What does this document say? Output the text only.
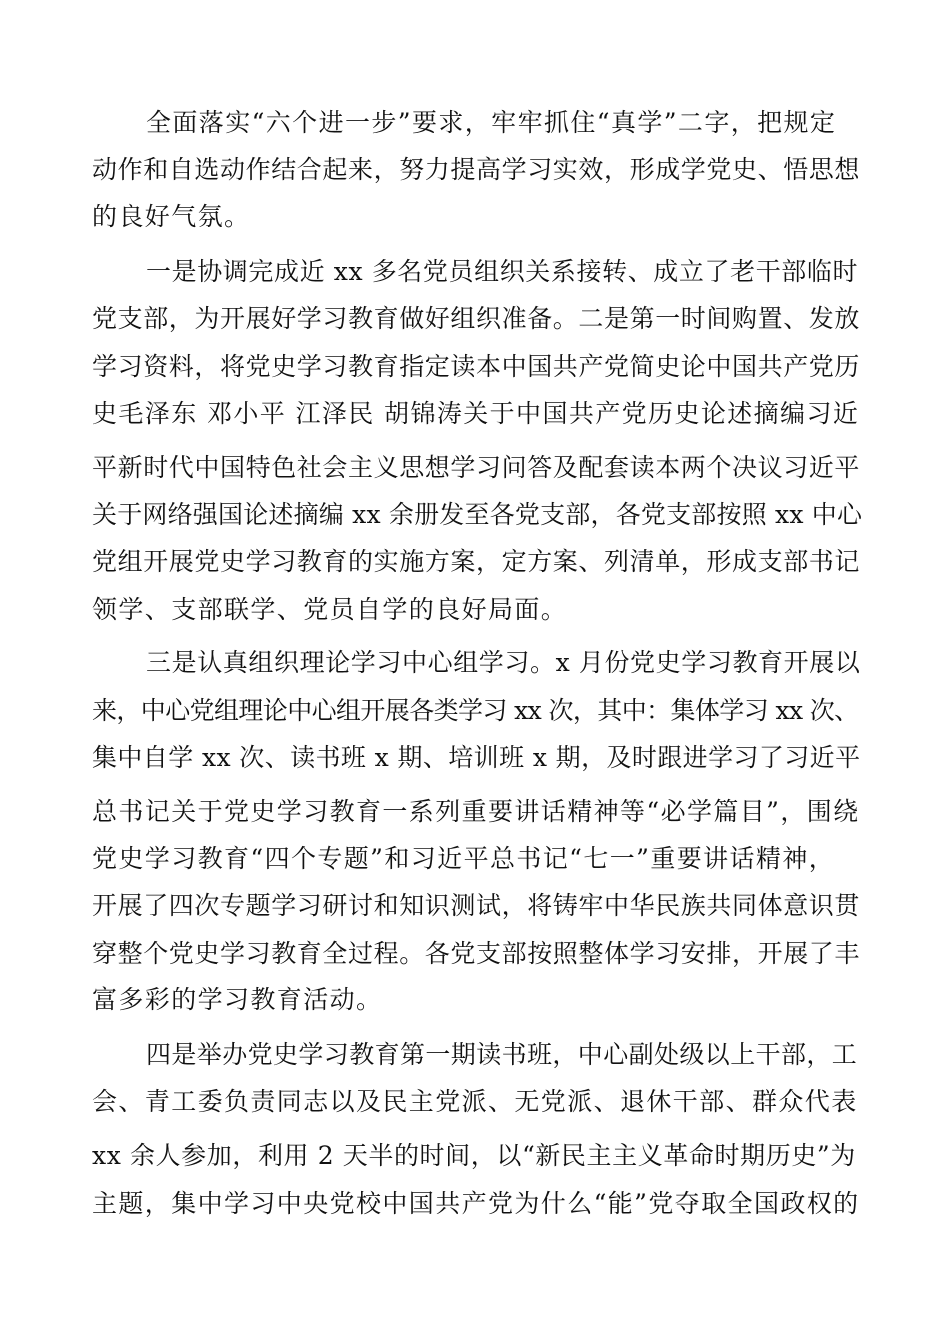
全面落实“六个进一步”要求，牢牢抓住“真学”二字，把规定
动作和自选动作结合起来，努力提高学习实效，形成学党史、悟思想
的良好气氛。
一是协调完成近 xx 多名党员组织关系接转、成立了老干部临时
党支部，为开展好学习教育做好组织准备。二是第一时间购置、发放
学习资料，将党史学习教育指定读本中国共产党简史论中国共产党历
史毛泽东 邓小平 江泽民 胡锦涛关于中国共产党历史论述摘编习近
平新时代中国特色社会主义思想学习问答及配套读本两个决议习近平
关于网络强国论述摘编 xx 余册发至各党支部，各党支部按照 xx 中心
党组开展党史学习教育的实施方案，定方案、列清单，形成支部书记
领学、支部联学、党员自学的良好局面。
三是认真组织理论学习中心组学习。x 月份党史学习教育开展以
来，中心党组理论中心组开展各类学习 xx 次，其中：集体学习 xx 次、
集中自学 xx 次、读书班 x 期、培训班 x 期，及时跟进学习了习近平
总书记关于党史学习教育一系列重要讲话精神等“必学篇目”，围绕
党史学习教育“四个专题”和习近平总书记“七一”重要讲话精神，
开展了四次专题学习研讨和知识测试，将铸牢中华民族共同体意识贯
穿整个党史学习教育全过程。各党支部按照整体学习安排，开展了丰
富多彩的学习教育活动。
四是举办党史学习教育第一期读书班，中心副处级以上干部，工
会、青工委负责同志以及民主党派、无党派、退休干部、群众代表
xx 余人参加，利用 2 天半的时间，以“新民主主义革命时期历史”为
主题，集中学习中央党校中国共产党为什么“能”党夺取全国政权的
